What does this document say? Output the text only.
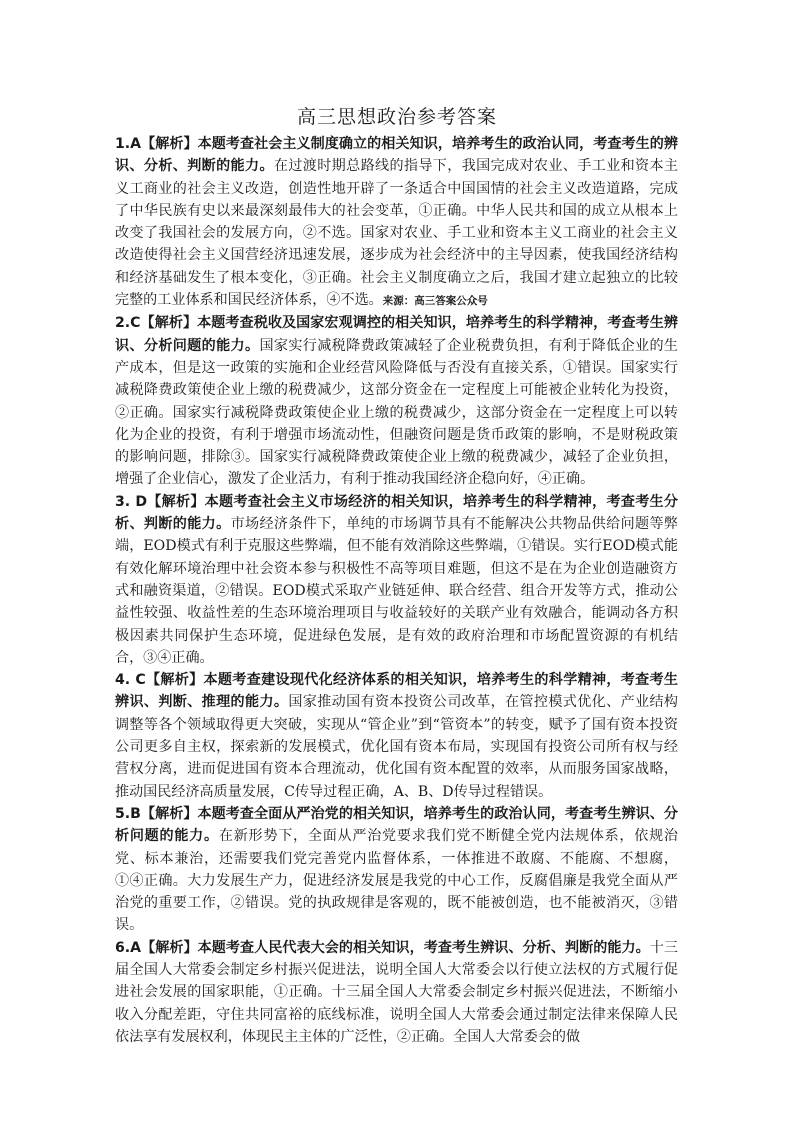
高三思想政治参考答案

1.A【解析】本题考查社会主义制度确立的相关知识，培养考生的政治认同，考查考生的辨识、分析、判断的能力。在过渡时期总路线的指导下，我国完成对农业、手工业和资本主义工商业的社会主义改造，创造性地开辟了一条适合中国国情的社会主义改造道路，完成了中华民族有史以来最深刻最伟大的社会变革，①正确。中华人民共和国的成立从根本上改变了我国社会的发展方向，②不选。国家对农业、手工业和资本主义工商业的社会主义改造使得社会主义国营经济迅速发展，逐步成为社会经济中的主导因素，使我国经济结构和经济基础发生了根本变化，③正确。社会主义制度确立之后，我国才建立起独立的比较完整的工业体系和国民经济体系，④不选。来源：高三答案公众号

2.C【解析】本题考查税收及国家宏观调控的相关知识，培养考生的科学精神，考查考生辨识、分析问题的能力。国家实行减税降费政策减轻了企业税费负担，有利于降低企业的生产成本，但是这一政策的实施和企业经营风险降低与否没有直接关系，①错误。国家实行减税降费政策使企业上缴的税费减少，这部分资金在一定程度上可能被企业转化为投资，②正确。国家实行减税降费政策使企业上缴的税费减少，这部分资金在一定程度上可以转化为企业的投资，有利于增强市场流动性，但融资问题是货币政策的影响，不是财税政策的影响问题，排除③。国家实行减税降费政策使企业上缴的税费减少，减轻了企业负担，增强了企业信心，激发了企业活力，有利于推动我国经济企稳向好，④正确。

3. D【解析】本题考查社会主义市场经济的相关知识，培养考生的科学精神，考查考生分析、判断的能力。市场经济条件下，单纯的市场调节具有不能解决公共物品供给问题等弊端，EOD模式有利于克服这些弊端，但不能有效消除这些弊端，①错误。实行EOD模式能有效化解环境治理中社会资本参与积极性不高等项目难题，但这不是在为企业创造融资方式和融资渠道，②错误。EOD模式采取产业链延伸、联合经营、组合开发等方式，推动公益性较强、收益性差的生态环境治理项目与收益较好的关联产业有效融合，能调动各方积极因素共同保护生态环境，促进绿色发展，是有效的政府治理和市场配置资源的有机结合，③④正确。

4. C【解析】本题考查建设现代化经济体系的相关知识，培养考生的科学精神，考查考生辨识、判断、推理的能力。国家推动国有资本投资公司改革，在管控模式优化、产业结构调整等各个领域取得更大突破，实现从“管企业”到“管资本”的转变，赋予了国有资本投资公司更多自主权，探索新的发展模式，优化国有资本布局，实现国有投资公司所有权与经营权分离，进而促进国有资本合理流动，优化国有资本配置的效率，从而服务国家战略，推动国民经济高质量发展，C传导过程正确，A、B、D传导过程错误。

5.B【解析】本题考查全面从严治党的相关知识，培养考生的政治认同，考查考生辨识、分析问题的能力。在新形势下，全面从严治党要求我们党不断健全党内法规体系，依规治党、标本兼治，还需要我们党完善党内监督体系，一体推进不敢腐、不能腐、不想腐，①④正确。大力发展生产力，促进经济发展是我党的中心工作，反腐倡廉是我党全面从严治党的重要工作，②错误。党的执政规律是客观的，既不能被创造，也不能被消灭，③错误。

6.A【解析】本题考查人民代表大会的相关知识，考查考生辨识、分析、判断的能力。十三届全国人大常委会制定乡村振兴促进法，说明全国人大常委会以行使立法权的方式履行促进社会发展的国家职能，①正确。十三届全国人大常委会制定乡村振兴促进法，不断缩小收入分配差距，守住共同富裕的底线标准，说明全国人大常委会通过制定法律来保障人民依法享有发展权利，体现民主主体的广泛性，②正确。全国人大常委会的做
